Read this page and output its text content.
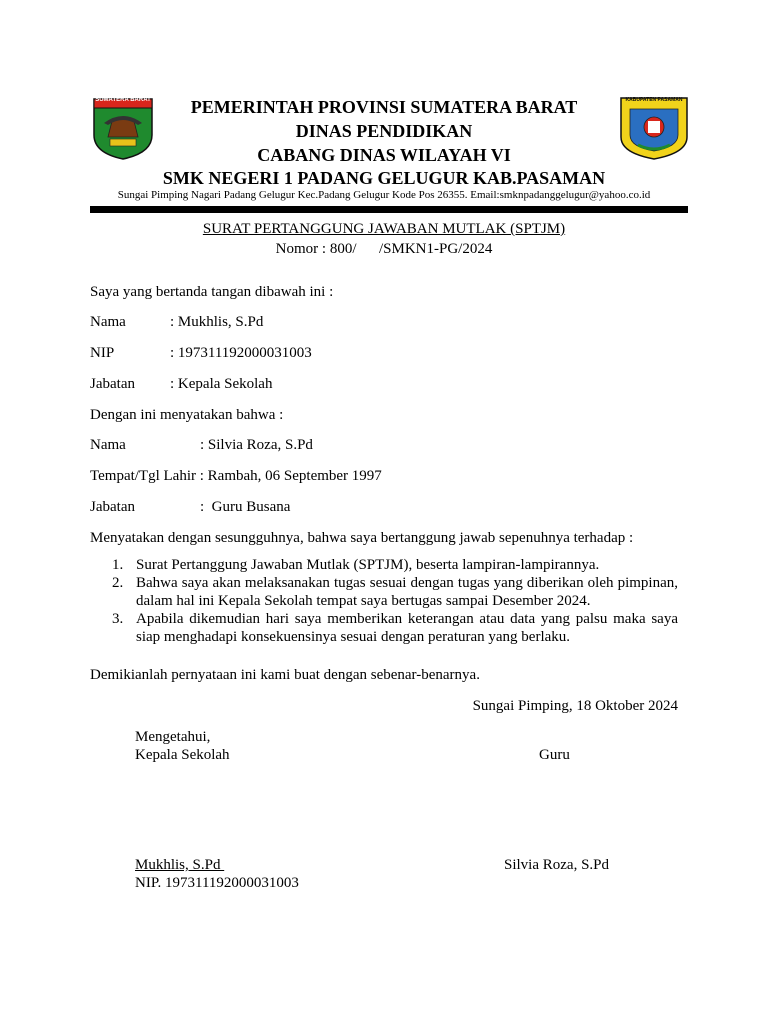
SUMATERA BARAT	KABUPATEN PASAMAN
PEMERINTAH PROVINSI SUMATERA BARAT
DINAS PENDIDIKAN
CABANG DINAS WILAYAH VI
SMK NEGERI 1 PADANG GELUGUR KAB.PASAMAN
Sungai Pimping Nagari Padang Gelugur Kec.Padang Gelugur Kode Pos 26355. Email:smknpadanggelugur@yahoo.co.id
SURAT PERTANGGUNG JAWABAN MUTLAK (SPTJM)
Nomor : 800/      /SMKN1-PG/2024
Saya yang bertanda tangan dibawah ini :
Nama	: Mukhlis, S.Pd
NIP	: 197311192000031003
Jabatan : Kepala Sekolah
Dengan ini menyatakan bahwa :
Nama	: Silvia Roza, S.Pd
Tempat/Tgl Lahir : Rambah, 06 September 1997
Jabatan	:  Guru Busana
Menyatakan dengan sesungguhnya, bahwa saya bertanggung jawab sepenuhnya terhadap :
1. Surat Pertanggung Jawaban Mutlak (SPTJM), beserta lampiran-lampirannya.
2. Bahwa saya akan melaksanakan tugas sesuai dengan tugas yang diberikan oleh pimpinan, dalam hal ini Kepala Sekolah tempat saya bertugas sampai Desember 2024.
3. Apabila dikemudian hari saya memberikan keterangan atau data yang palsu maka saya siap menghadapi konsekuensinya sesuai dengan peraturan yang berlaku.
Demikianlah pernyataan ini kami buat dengan sebenar-benarnya.
Sungai Pimping, 18 Oktober 2024
Mengetahui,
Kepala Sekolah	Guru
Mukhlis, S.Pd	Silvia Roza, S.Pd
NIP. 197311192000031003
